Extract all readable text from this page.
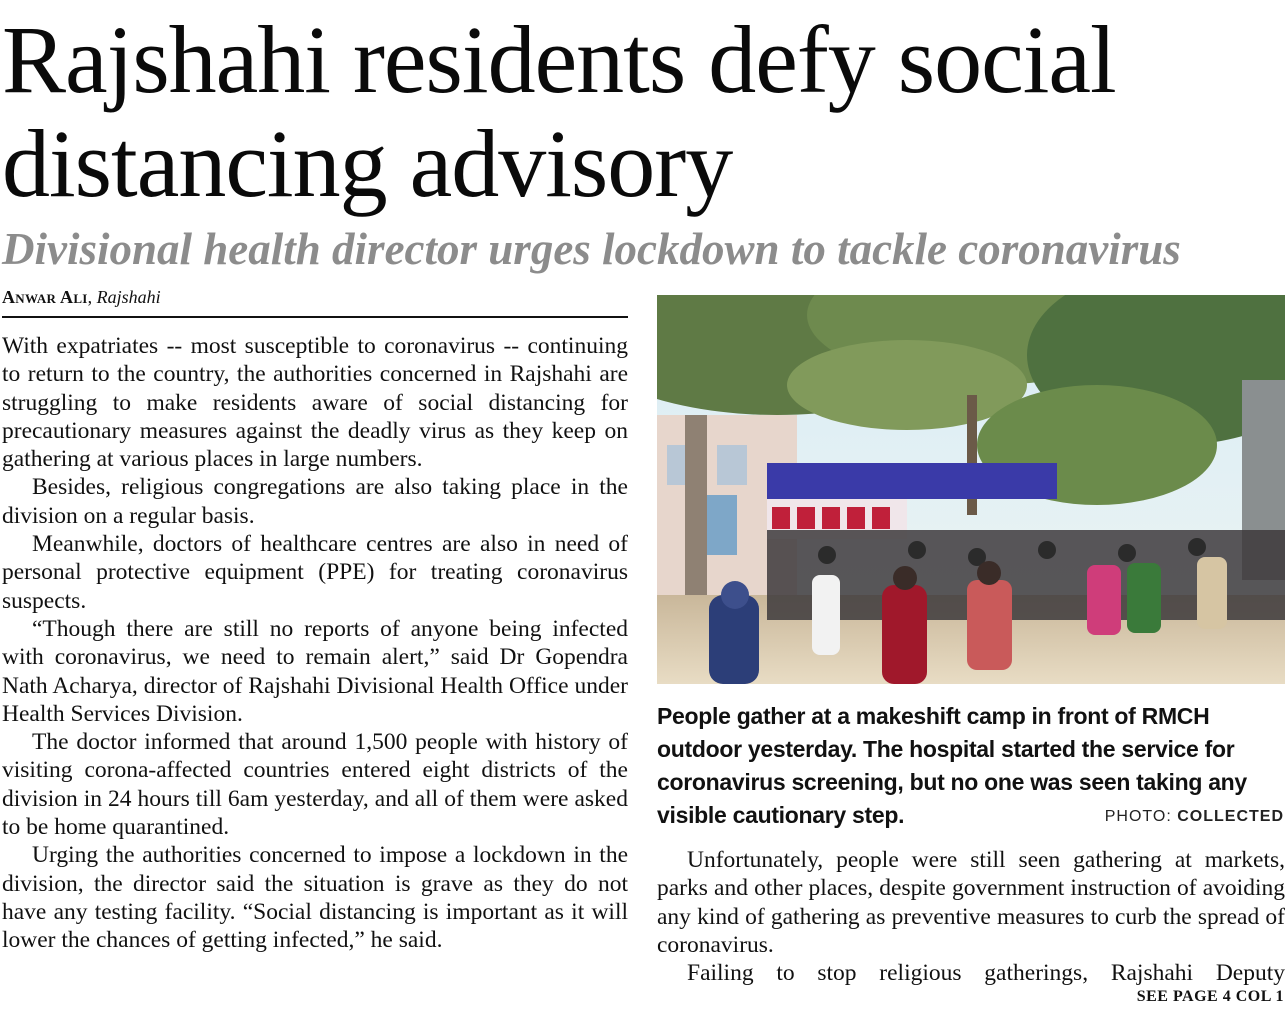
Rajshahi residents defy social
distancing advisory
Divisional health director urges lockdown to tackle coronavirus
Anwar Ali, Rajshahi

With expatriates -- most susceptible to coronavirus -- continuing to return to the country, the authorities concerned in Rajshahi are struggling to make residents aware of social distancing for precautionary measures against the deadly virus as they keep on gathering at various places in large numbers.

Besides, religious congregations are also taking place in the division on a regular basis.

Meanwhile, doctors of healthcare centres are also in need of personal protective equipment (PPE) for treating coronavirus suspects.

“Though there are still no reports of anyone being infected with coronavirus, we need to remain alert,” said Dr Gopendra Nath Acharya, director of Rajshahi Divisional Health Office under Health Services Division.

The doctor informed that around 1,500 people with history of visiting corona-affected countries entered eight districts of the division in 24 hours till 6am yesterday, and all of them were asked to be home quarantined.

Urging the authorities concerned to impose a lockdown in the division, the director said the situation is grave as they do not have any testing facility. “Social distancing is important as it will lower the chances of getting infected,” he said.

People gather at a makeshift camp in front of RMCH outdoor yesterday. The hospital started the service for coronavirus screening, but no one was seen taking any visible cautionary step.	PHOTO: COLLECTED

Unfortunately, people were still seen gathering at markets, parks and other places, despite government instruction of avoiding any kind of gathering as preventive measures to curb the spread of coronavirus.

Failing to stop religious gatherings, Rajshahi Deputy

SEE PAGE 4 COL 1
